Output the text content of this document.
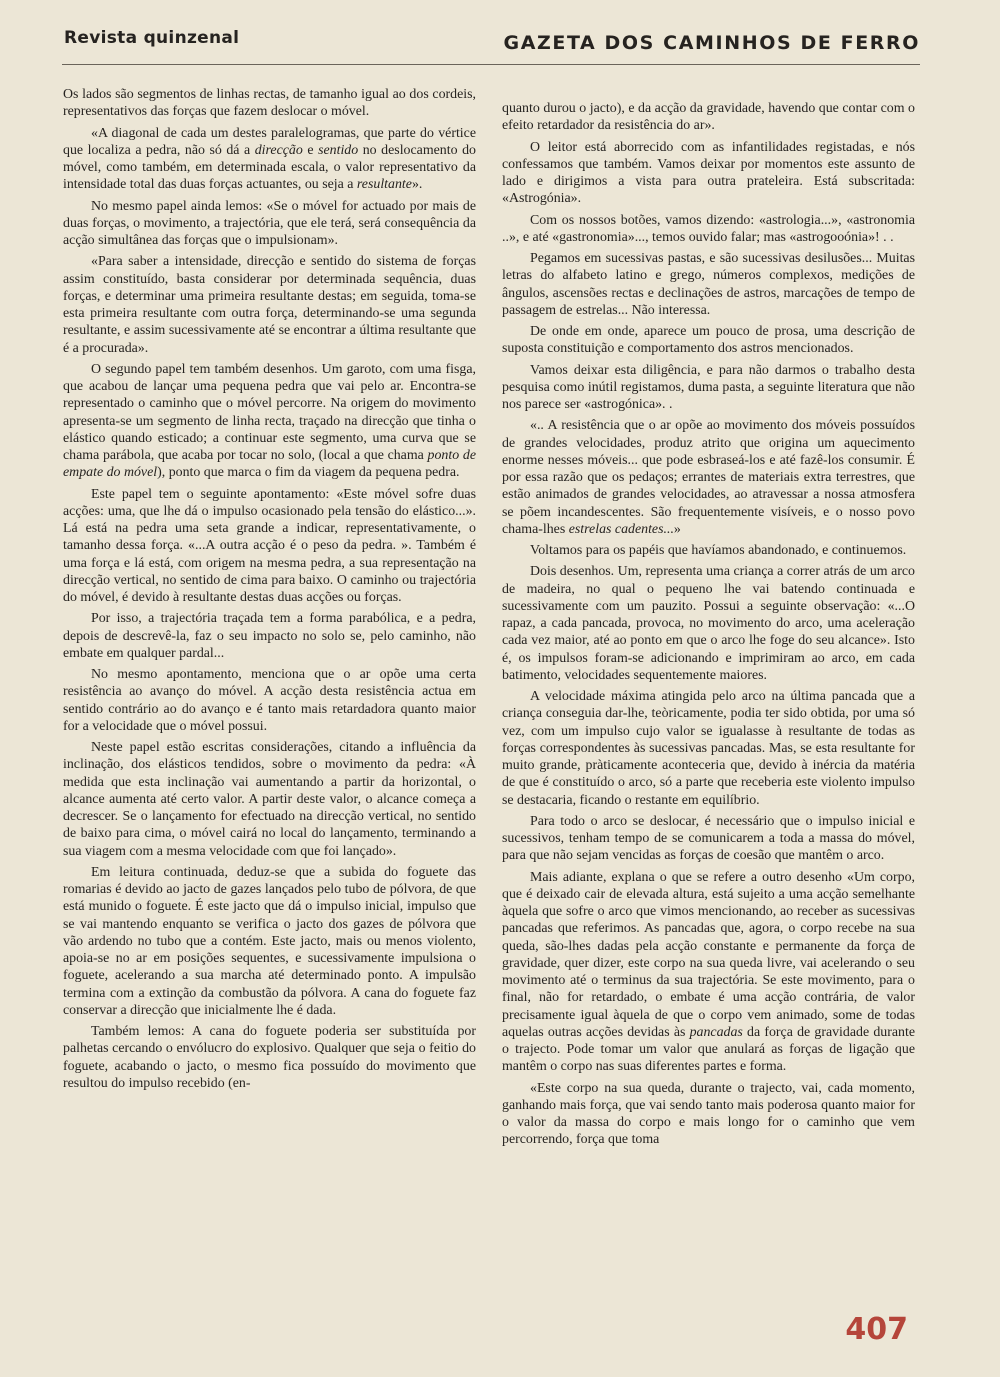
Revista quinzenal	GAZETA DOS CAMINHOS DE FERRO

Os lados são segmentos de linhas rectas, de tamanho igual ao dos cordeis, representativos das forças que fazem deslocar o móvel.

«A diagonal de cada um destes paralelogramas, que parte do vértice que localiza a pedra, não só dá a direcção e sentido no deslocamento do móvel, como também, em determinada escala, o valor representativo da intensidade total das duas forças actuantes, ou seja a resultante».

No mesmo papel ainda lemos: «Se o móvel for actuado por mais de duas forças, o movimento, a trajectória, que ele terá, será consequência da acção simultânea das forças que o impulsionam».

«Para saber a intensidade, direcção e sentido do sistema de forças assim constituído, basta considerar por determinada sequência, duas forças, e determinar uma primeira resultante destas; em seguida, toma-se esta primeira resultante com outra força, determinando-se uma segunda resultante, e assim sucessivamente até se encontrar a última resultante que é a procurada».

O segundo papel tem também desenhos. Um garoto, com uma fisga, que acabou de lançar uma pequena pedra que vai pelo ar. Encontra-se representado o caminho que o móvel percorre. Na origem do movimento apresenta-se um segmento de linha recta, traçado na direcção que tinha o elástico quando esticado; a continuar este segmento, uma curva que se chama parábola, que acaba por tocar no solo, (local a que chama ponto de empate do móvel), ponto que marca o fim da viagem da pequena pedra.

Este papel tem o seguinte apontamento: «Este móvel sofre duas acções: uma, que lhe dá o impulso ocasionado pela tensão do elástico...». Lá está na pedra uma seta grande a indicar, representativamente, o tamanho dessa força. «...A outra acção é o peso da pedra. ». Também é uma força e lá está, com origem na mesma pedra, a sua representação na direcção vertical, no sentido de cima para baixo. O caminho ou trajectória do móvel, é devido à resultante destas duas acções ou forças.

Por isso, a trajectória traçada tem a forma parabólica, e a pedra, depois de descrevê-la, faz o seu impacto no solo se, pelo caminho, não embate em qualquer pardal...

No mesmo apontamento, menciona que o ar opõe uma certa resistência ao avanço do móvel. A acção desta resistência actua em sentido contrário ao do avanço e é tanto mais retardadora quanto maior for a velocidade que o móvel possui.

Neste papel estão escritas considerações, citando a influência da inclinação, dos elásticos tendidos, sobre o movimento da pedra: «À medida que esta inclinação vai aumentando a partir da horizontal, o alcance aumenta até certo valor. A partir deste valor, o alcance começa a decrescer. Se o lançamento for efectuado na direcção vertical, no sentido de baixo para cima, o móvel cairá no local do lançamento, terminando a sua viagem com a mesma velocidade com que foi lançado».

Em leitura continuada, deduz-se que a subida do foguete das romarias é devido ao jacto de gazes lançados pelo tubo de pólvora, de que está munido o foguete. É este jacto que dá o impulso inicial, impulso que se vai mantendo enquanto se verifica o jacto dos gazes de pólvora que vão ardendo no tubo que a contém. Este jacto, mais ou menos violento, apoia-se no ar em posições sequentes, e sucessivamente impulsiona o foguete, acelerando a sua marcha até determinado ponto. A impulsão termina com a extinção da combustão da pólvora. A cana do foguete faz conservar a direcção que inicialmente lhe é dada.

Também lemos: A cana do foguete poderia ser substituída por palhetas cercando o envólucro do explosivo. Qualquer que seja o feitio do foguete, acabando o jacto, o mesmo fica possuído do movimento que resultou do impulso recebido (en-

quanto durou o jacto), e da acção da gravidade, havendo que contar com o efeito retardador da resistência do ar».

O leitor está aborrecido com as infantilidades registadas, e nós confessamos que também. Vamos deixar por momentos este assunto de lado e dirigimos a vista para outra prateleira. Está subscritada: «Astrogónia».

Com os nossos botões, vamos dizendo: «astrologia...», «astronomia ..», e até «gastronomia»..., temos ouvido falar; mas «astrogooónia»! . .

Pegamos em sucessivas pastas, e são sucessivas desilusões... Muitas letras do alfabeto latino e grego, números complexos, medições de ângulos, ascensões rectas e declinações de astros, marcações de tempo de passagem de estrelas... Não interessa.

De onde em onde, aparece um pouco de prosa, uma descrição de suposta constituição e comportamento dos astros mencionados.

Vamos deixar esta diligência, e para não darmos o trabalho desta pesquisa como inútil registamos, duma pasta, a seguinte literatura que não nos parece ser «astrogónica». .

«.. A resistência que o ar opõe ao movimento dos móveis possuídos de grandes velocidades, produz atrito que origina um aquecimento enorme nesses móveis... que pode esbraseá-los e até fazê-los consumir. É por essa razão que os pedaços; errantes de materiais extra terrestres, que estão animados de grandes velocidades, ao atravessar a nossa atmosfera se põem incandescentes. São frequentemente visíveis, e o nosso povo chama-lhes estrelas cadentes...»

Voltamos para os papéis que havíamos abandonado, e continuemos.

Dois desenhos. Um, representa uma criança a correr atrás de um arco de madeira, no qual o pequeno lhe vai batendo continuada e sucessivamente com um pauzito. Possui a seguinte observação: «...O rapaz, a cada pancada, provoca, no movimento do arco, uma aceleração cada vez maior, até ao ponto em que o arco lhe foge do seu alcance». Isto é, os impulsos foram-se adicionando e imprimiram ao arco, em cada batimento, velocidades sequentemente maiores.

A velocidade máxima atingida pelo arco na última pancada que a criança conseguia dar-lhe, teòricamente, podia ter sido obtida, por uma só vez, com um impulso cujo valor se igualasse à resultante de todas as forças correspondentes às sucessivas pancadas. Mas, se esta resultante for muito grande, pràticamente aconteceria que, devido à inércia da matéria de que é constituído o arco, só a parte que receberia este violento impulso se destacaria, ficando o restante em equilíbrio.

Para todo o arco se deslocar, é necessário que o impulso inicial e sucessivos, tenham tempo de se comunicarem a toda a massa do móvel, para que não sejam vencidas as forças de coesão que mantêm o arco.

Mais adiante, explana o que se refere a outro desenho «Um corpo, que é deixado cair de elevada altura, está sujeito a uma acção semelhante àquela que sofre o arco que vimos mencionando, ao receber as sucessivas pancadas que referimos. As pancadas que, agora, o corpo recebe na sua queda, são-lhes dadas pela acção constante e permanente da força de gravidade, quer dizer, este corpo na sua queda livre, vai acelerando o seu movimento até o terminus da sua trajectória. Se este movimento, para o final, não for retardado, o embate é uma acção contrária, de valor precisamente igual àquela de que o corpo vem animado, some de todas aquelas outras acções devidas às pancadas da força de gravidade durante o trajecto. Pode tomar um valor que anulará as forças de ligação que mantêm o corpo nas suas diferentes partes e forma.

«Este corpo na sua queda, durante o trajecto, vai, cada momento, ganhando mais força, que vai sendo tanto mais poderosa quanto maior for o valor da massa do corpo e mais longo for o caminho que vem percorrendo, força que toma

407
